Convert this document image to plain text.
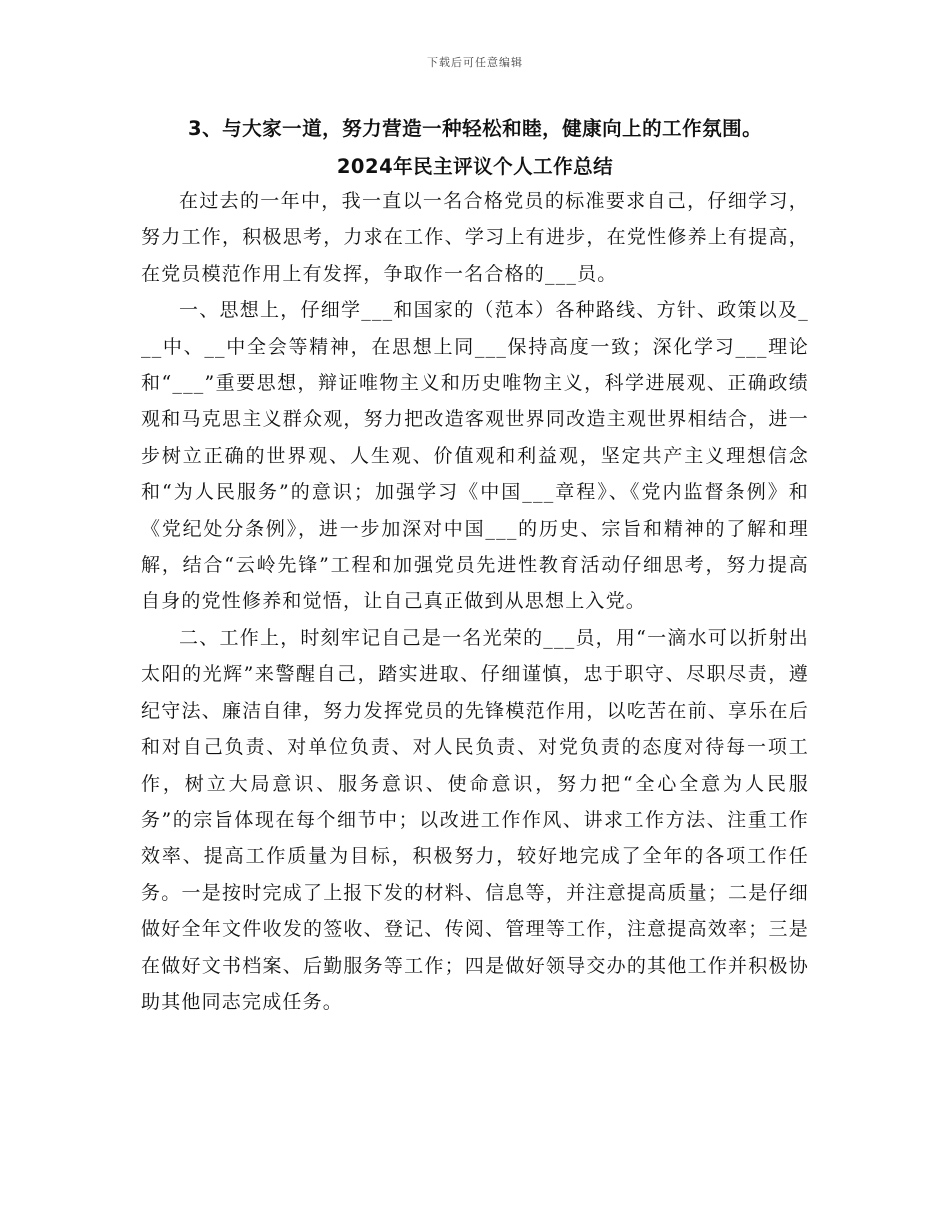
下载后可任意编辑
3、与大家一道，努力营造一种轻松和睦，健康向上的工作氛围。
2024年民主评议个人工作总结

在过去的一年中，我一直以一名合格党员的标准要求自己，仔细学习，努力工作，积极思考，力求在工作、学习上有进步，在党性修养上有提高，在党员模范作用上有发挥，争取作一名合格的___员。

一、思想上，仔细学___和国家的（范本）各种路线、方针、政策以及___中、__中全会等精神，在思想上同___保持高度一致；深化学习___理论和“___”重要思想，辩证唯物主义和历史唯物主义，科学进展观、正确政绩观和马克思主义群众观，努力把改造客观世界同改造主观世界相结合，进一步树立正确的世界观、人生观、价值观和利益观，坚定共产主义理想信念和“为人民服务”的意识；加强学习《中国___章程》、《党内监督条例》和《党纪处分条例》，进一步加深对中国___的历史、宗旨和精神的了解和理解，结合“云岭先锋”工程和加强党员先进性教育活动仔细思考，努力提高自身的党性修养和觉悟，让自己真正做到从思想上入党。

二、工作上，时刻牢记自己是一名光荣的___员，用“一滴水可以折射出太阳的光辉”来警醒自己，踏实进取、仔细谨慎，忠于职守、尽职尽责，遵纪守法、廉洁自律，努力发挥党员的先锋模范作用，以吃苦在前、享乐在后和对自己负责、对单位负责、对人民负责、对党负责的态度对待每一项工作，树立大局意识、服务意识、使命意识，努力把“全心全意为人民服务”的宗旨体现在每个细节中；以改进工作作风、讲求工作方法、注重工作效率、提高工作质量为目标，积极努力，较好地完成了全年的各项工作任务。一是按时完成了上报下发的材料、信息等，并注意提高质量；二是仔细做好全年文件收发的签收、登记、传阅、管理等工作，注意提高效率；三是在做好文书档案、后勤服务等工作；四是做好领导交办的其他工作并积极协助其他同志完成任务。
